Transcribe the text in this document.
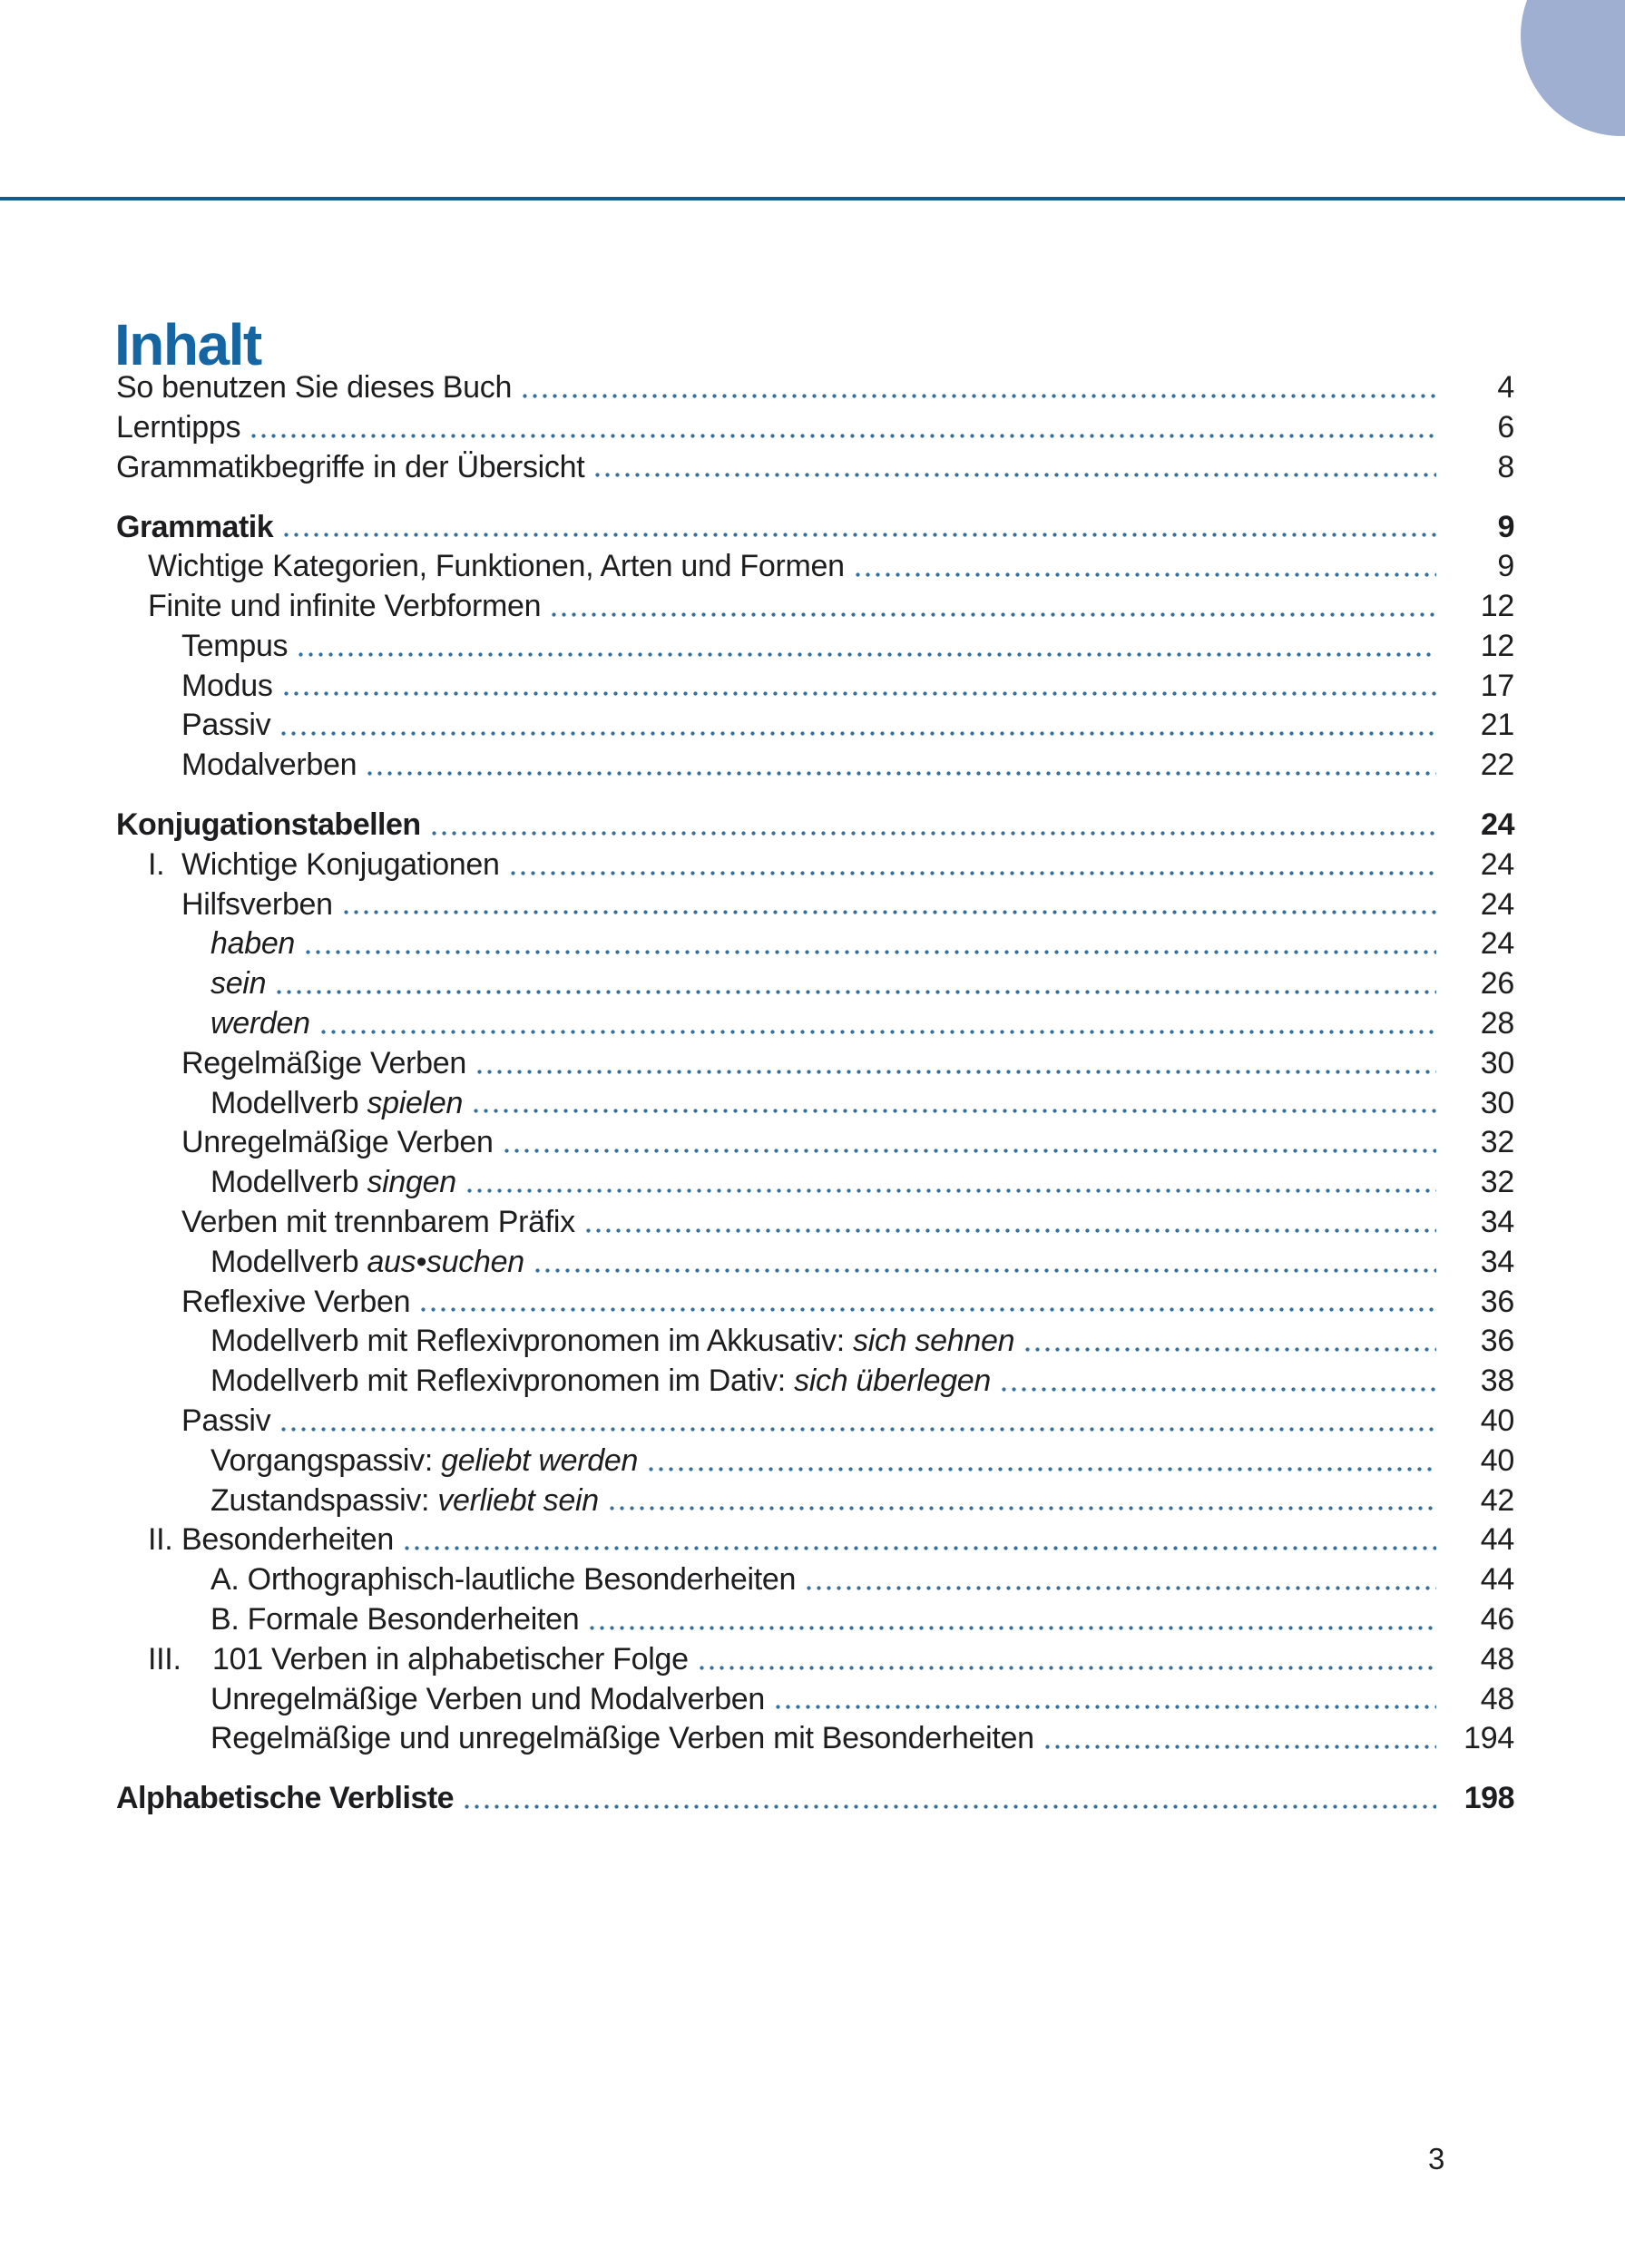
Inhalt
So benutzen Sie dieses Buch	4
Lerntipps	6
Grammatikbegriffe in der Übersicht	8
Grammatik	9
Wichtige Kategorien, Funktionen, Arten und Formen	9
Finite und infinite Verbformen	12
Tempus	12
Modus	17
Passiv	21
Modalverben	22
Konjugationstabellen	24
I. Wichtige Konjugationen	24
Hilfsverben	24
haben	24
sein	26
werden	28
Regelmäßige Verben	30
Modellverb spielen	30
Unregelmäßige Verben	32
Modellverb singen	32
Verben mit trennbarem Präfix	34
Modellverb aus•suchen	34
Reflexive Verben	36
Modellverb mit Reflexivpronomen im Akkusativ: sich sehnen	36
Modellverb mit Reflexivpronomen im Dativ: sich überlegen	38
Passiv	40
Vorgangspassiv: geliebt werden	40
Zustandspassiv: verliebt sein	42
II. Besonderheiten	44
A. Orthographisch-lautliche Besonderheiten	44
B. Formale Besonderheiten	46
III. 101 Verben in alphabetischer Folge	48
Unregelmäßige Verben und Modalverben	48
Regelmäßige und unregelmäßige Verben mit Besonderheiten	194
Alphabetische Verbliste	198
3
